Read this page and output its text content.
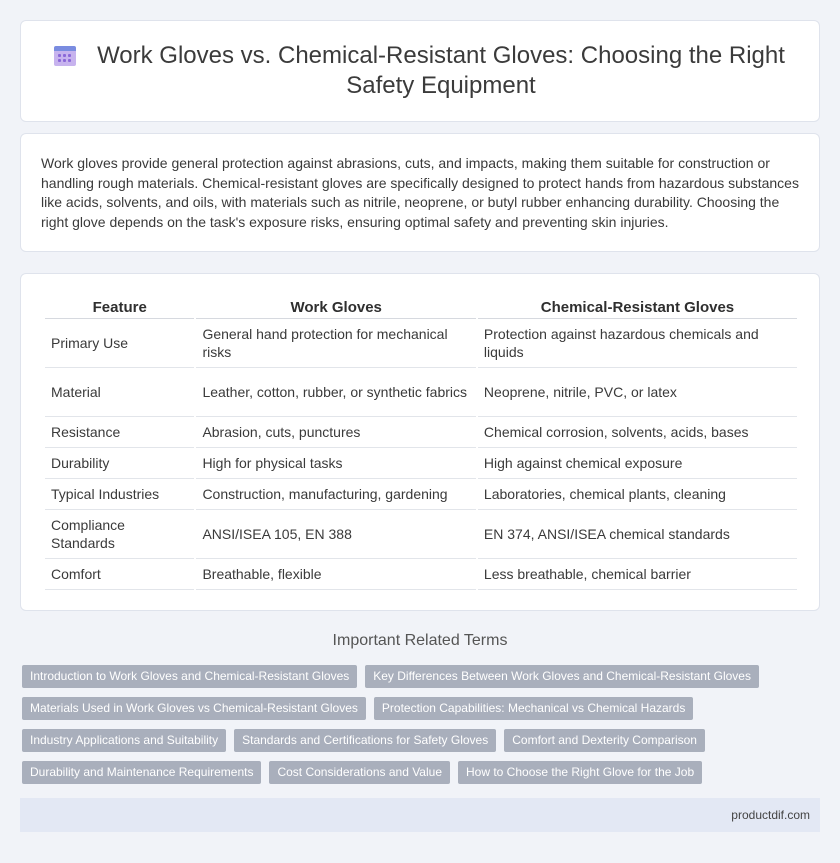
Work Gloves vs. Chemical-Resistant Gloves: Choosing the Right Safety Equipment

Work gloves provide general protection against abrasions, cuts, and impacts, making them suitable for construction or handling rough materials. Chemical-resistant gloves are specifically designed to protect hands from hazardous substances like acids, solvents, and oils, with materials such as nitrile, neoprene, or butyl rubber enhancing durability. Choosing the right glove depends on the task's exposure risks, ensuring optimal safety and preventing skin injuries.

Feature	Work Gloves	Chemical-Resistant Gloves
Primary Use	General hand protection for mechanical risks	Protection against hazardous chemicals and liquids
Material	Leather, cotton, rubber, or synthetic fabrics	Neoprene, nitrile, PVC, or latex
Resistance	Abrasion, cuts, punctures	Chemical corrosion, solvents, acids, bases
Durability	High for physical tasks	High against chemical exposure
Typical Industries	Construction, manufacturing, gardening	Laboratories, chemical plants, cleaning
Compliance Standards	ANSI/ISEA 105, EN 388	EN 374, ANSI/ISEA chemical standards
Comfort	Breathable, flexible	Less breathable, chemical barrier
Important Related Terms
Introduction to Work Gloves and Chemical-Resistant Gloves	Key Differences Between Work Gloves and Chemical-Resistant Gloves
Materials Used in Work Gloves vs Chemical-Resistant Gloves	Protection Capabilities: Mechanical vs Chemical Hazards
Industry Applications and Suitability	Standards and Certifications for Safety Gloves	Comfort and Dexterity Comparison
Durability and Maintenance Requirements	Cost Considerations and Value	How to Choose the Right Glove for the Job
productdif.com
